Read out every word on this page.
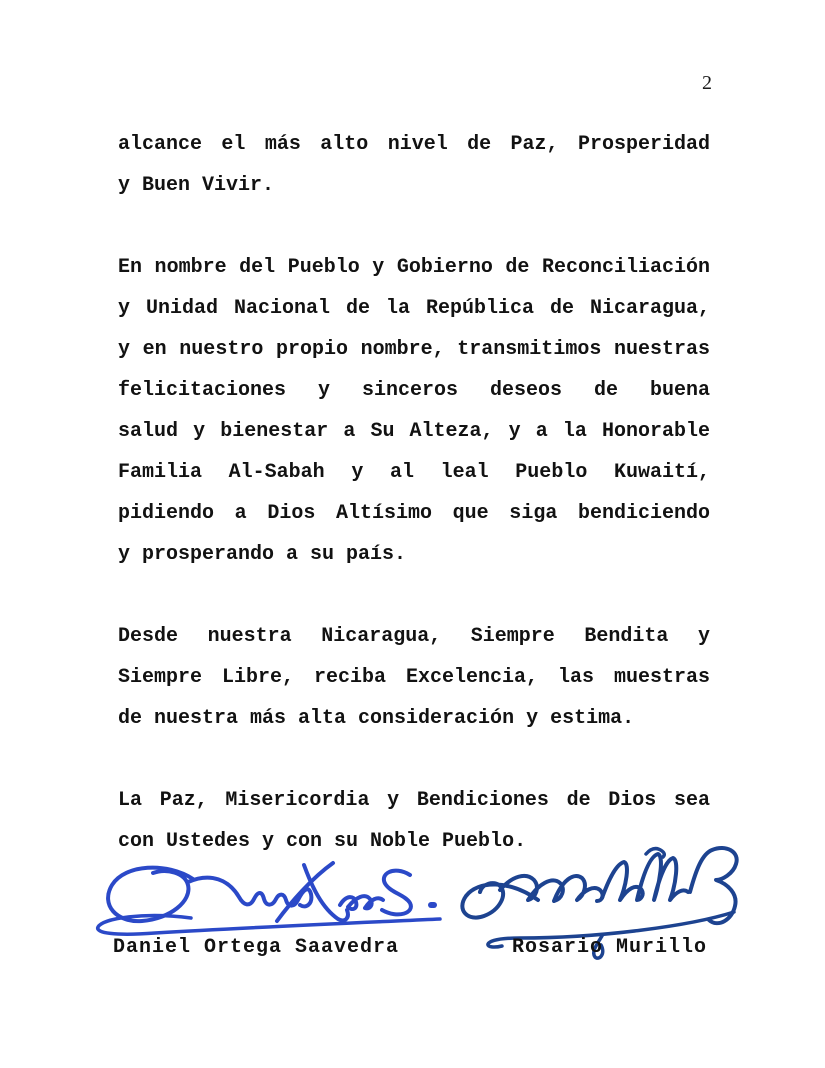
2

alcance el más alto nivel de Paz, Prosperidad
y Buen Vivir.

En nombre del Pueblo y Gobierno de Reconciliación
y Unidad Nacional de la República de Nicaragua,
y en nuestro propio nombre, transmitimos nuestras
felicitaciones y sinceros deseos de buena
salud y bienestar a Su Alteza, y a la Honorable
Familia Al-Sabah y al leal Pueblo Kuwaití,
pidiendo a Dios Altísimo que siga bendiciendo
y prosperando a su país.

Desde nuestra Nicaragua, Siempre Bendita y
Siempre Libre, reciba Excelencia, las muestras
de nuestra más alta consideración y estima.

La Paz, Misericordia y Bendiciones de Dios sea
con Ustedes y con su Noble Pueblo.

Daniel Ortega Saavedra	Rosario Murillo
